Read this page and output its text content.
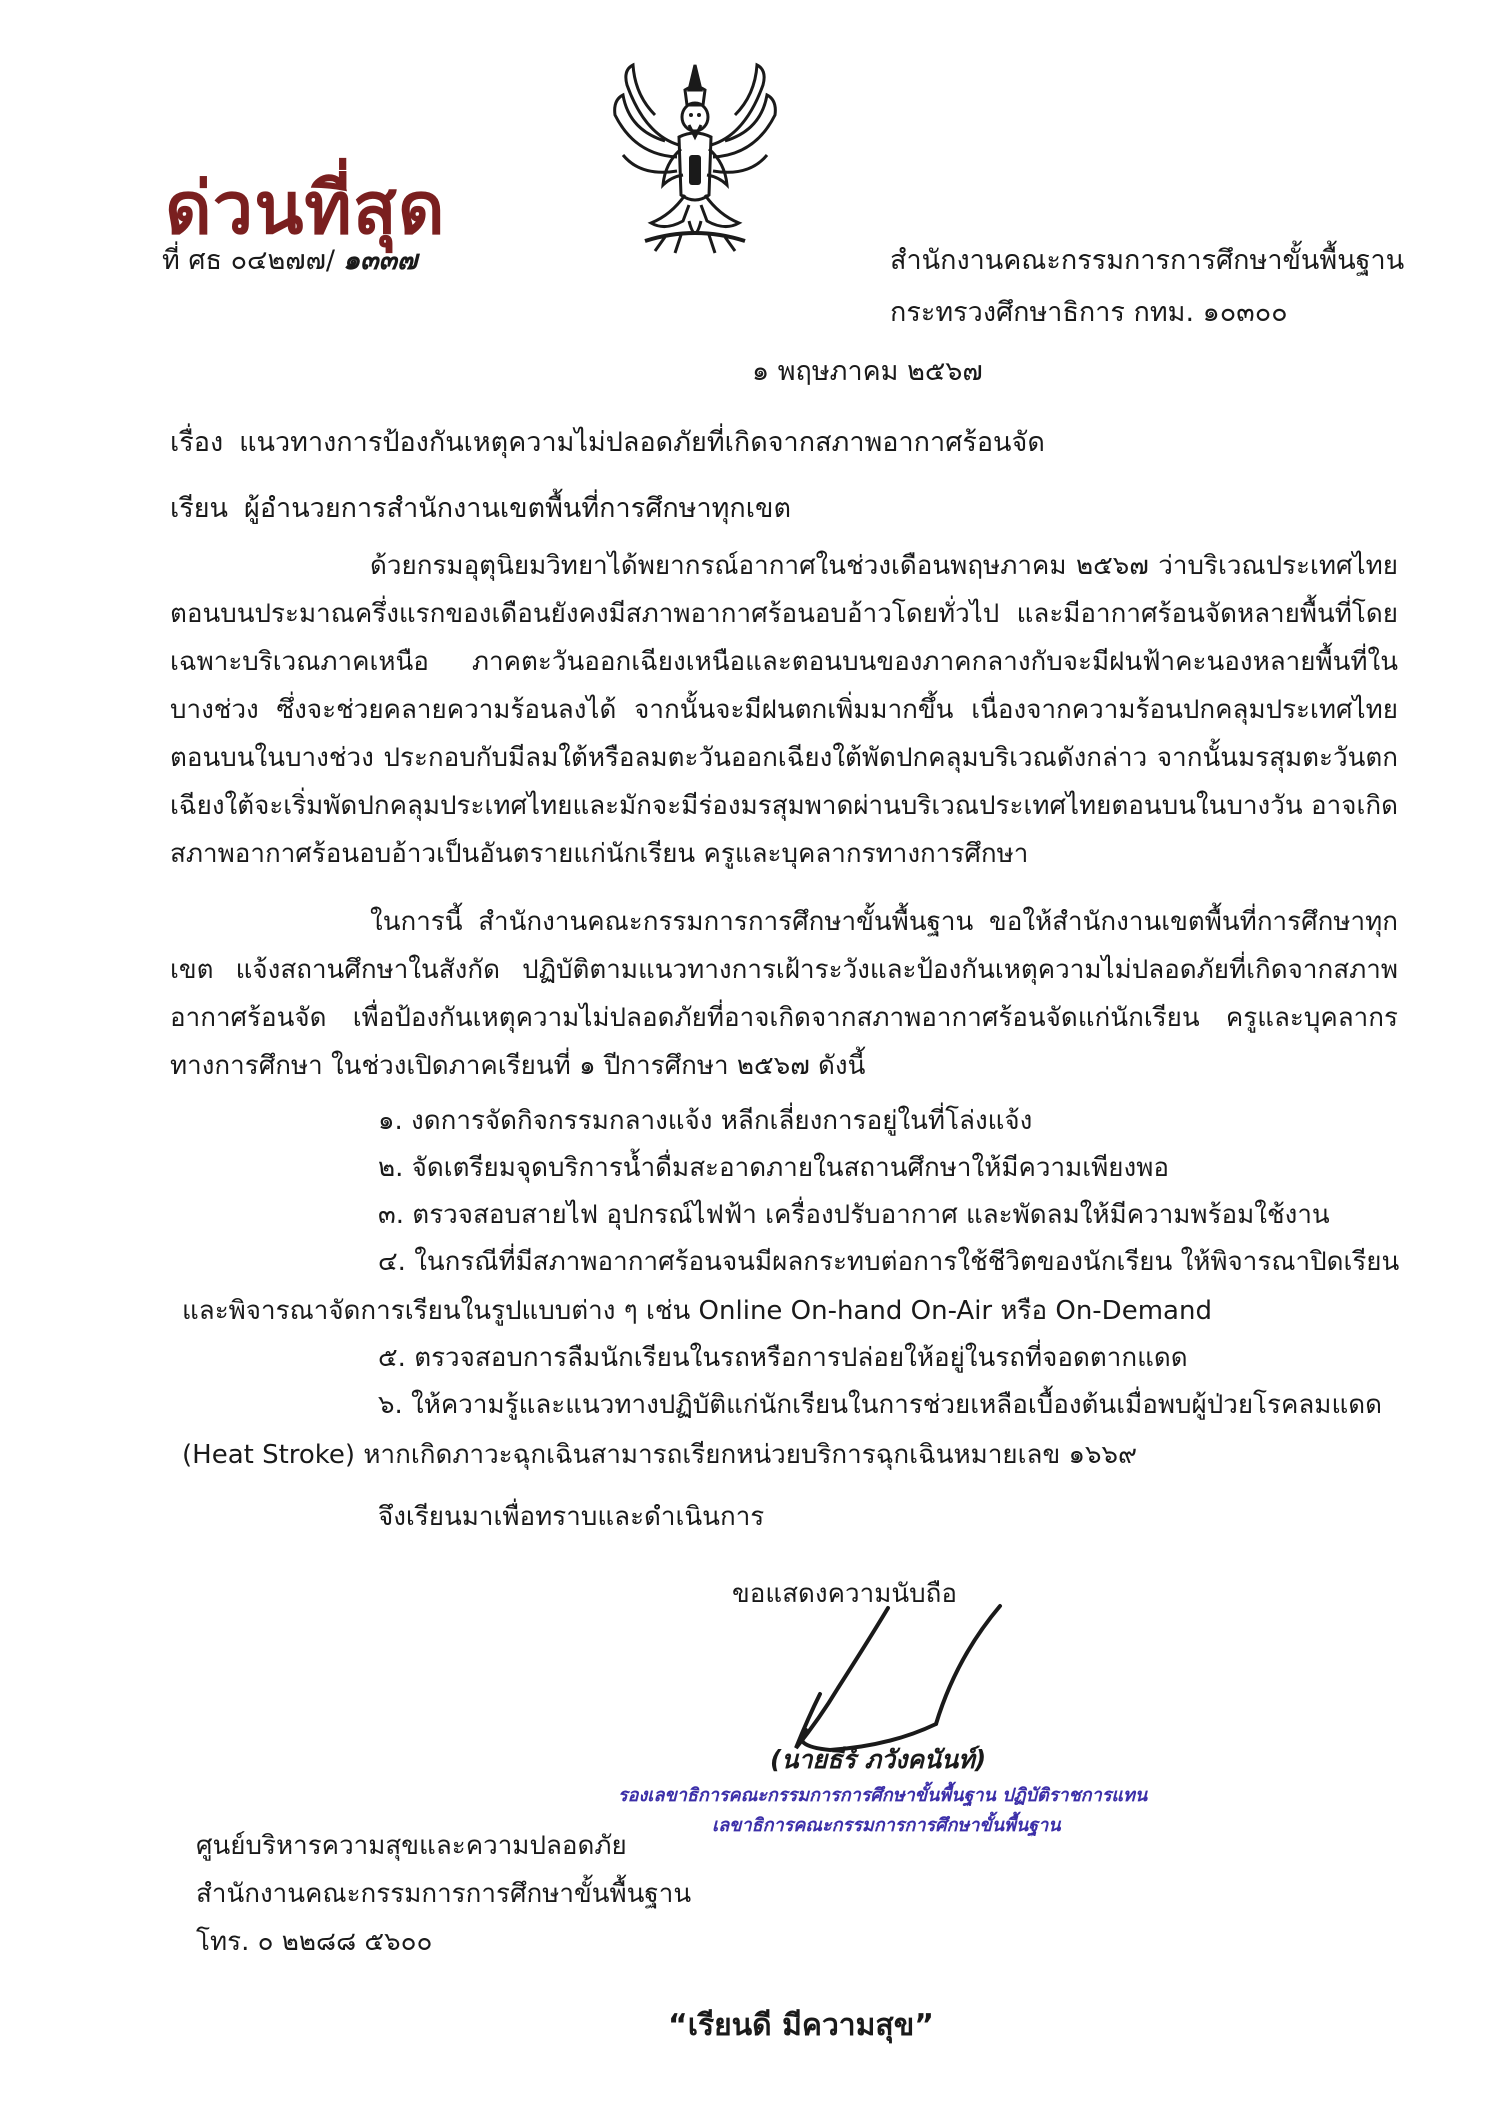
ด่วนที่สุด
ที่ ศธ ๐๔๒๗๗/ ๑๓๓๗	สำนักงานคณะกรรมการการศึกษาขั้นพื้นฐาน
กระทรวงศึกษาธิการ กทม. ๑๐๓๐๐
๑ พฤษภาคม ๒๕๖๗
เรื่อง แนวทางการป้องกันเหตุความไม่ปลอดภัยที่เกิดจากสภาพอากาศร้อนจัด
เรียน ผู้อำนวยการสำนักงานเขตพื้นที่การศึกษาทุกเขต
ด้วยกรมอุตุนิยมวิทยาได้พยากรณ์อากาศในช่วงเดือนพฤษภาคม ๒๕๖๗ ว่าบริเวณประเทศไทยตอนบนประมาณครึ่งแรกของเดือนยังคงมีสภาพอากาศร้อนอบอ้าวโดยทั่วไป และมีอากาศร้อนจัดหลายพื้นที่โดยเฉพาะบริเวณภาคเหนือ ภาคตะวันออกเฉียงเหนือและตอนบนของภาคกลางกับจะมีฝนฟ้าคะนองหลายพื้นที่ในบางช่วง ซึ่งจะช่วยคลายความร้อนลงได้ จากนั้นจะมีฝนตกเพิ่มมากขึ้น เนื่องจากความร้อนปกคลุมประเทศไทยตอนบนในบางช่วง ประกอบกับมีลมใต้หรือลมตะวันออกเฉียงใต้พัดปกคลุมบริเวณดังกล่าว จากนั้นมรสุมตะวันตกเฉียงใต้จะเริ่มพัดปกคลุมประเทศไทยและมักจะมีร่องมรสุมพาดผ่านบริเวณประเทศไทยตอนบนในบางวัน อาจเกิดสภาพอากาศร้อนอบอ้าวเป็นอันตรายแก่นักเรียน ครูและบุคลากรทางการศึกษา
ในการนี้ สำนักงานคณะกรรมการการศึกษาขั้นพื้นฐาน ขอให้สำนักงานเขตพื้นที่การศึกษาทุกเขต แจ้งสถานศึกษาในสังกัด ปฏิบัติตามแนวทางการเฝ้าระวังและป้องกันเหตุความไม่ปลอดภัยที่เกิดจากสภาพอากาศร้อนจัด เพื่อป้องกันเหตุความไม่ปลอดภัยที่อาจเกิดจากสภาพอากาศร้อนจัดแก่นักเรียน ครูและบุคลากรทางการศึกษา ในช่วงเปิดภาคเรียนที่ ๑ ปีการศึกษา ๒๕๖๗ ดังนี้
๑. งดการจัดกิจกรรมกลางแจ้ง หลีกเลี่ยงการอยู่ในที่โล่งแจ้ง
๒. จัดเตรียมจุดบริการน้ำดื่มสะอาดภายในสถานศึกษาให้มีความเพียงพอ
๓. ตรวจสอบสายไฟ อุปกรณ์ไฟฟ้า เครื่องปรับอากาศ และพัดลมให้มีความพร้อมใช้งาน
๔. ในกรณีที่มีสภาพอากาศร้อนจนมีผลกระทบต่อการใช้ชีวิตของนักเรียน ให้พิจารณาปิดเรียน
และพิจารณาจัดการเรียนในรูปแบบต่าง ๆ เช่น Online On-hand On-Air หรือ On-Demand
๕. ตรวจสอบการลืมนักเรียนในรถหรือการปล่อยให้อยู่ในรถที่จอดตากแดด
๖. ให้ความรู้และแนวทางปฏิบัติแก่นักเรียนในการช่วยเหลือเบื้องต้นเมื่อพบผู้ป่วยโรคลมแดด
(Heat Stroke) หากเกิดภาวะฉุกเฉินสามารถเรียกหน่วยบริการฉุกเฉินหมายเลข ๑๖๖๙
จึงเรียนมาเพื่อทราบและดำเนินการ
ขอแสดงความนับถือ
(นายธีร์ ภวังคนันท์)
รองเลขาธิการคณะกรรมการการศึกษาขั้นพื้นฐาน ปฏิบัติราชการแทน
เลขาธิการคณะกรรมการการศึกษาขั้นพื้นฐาน
ศูนย์บริหารความสุขและความปลอดภัย
สำนักงานคณะกรรมการการศึกษาขั้นพื้นฐาน
โทร. ๐ ๒๒๘๘ ๕๖๐๐
“เรียนดี มีความสุข”
